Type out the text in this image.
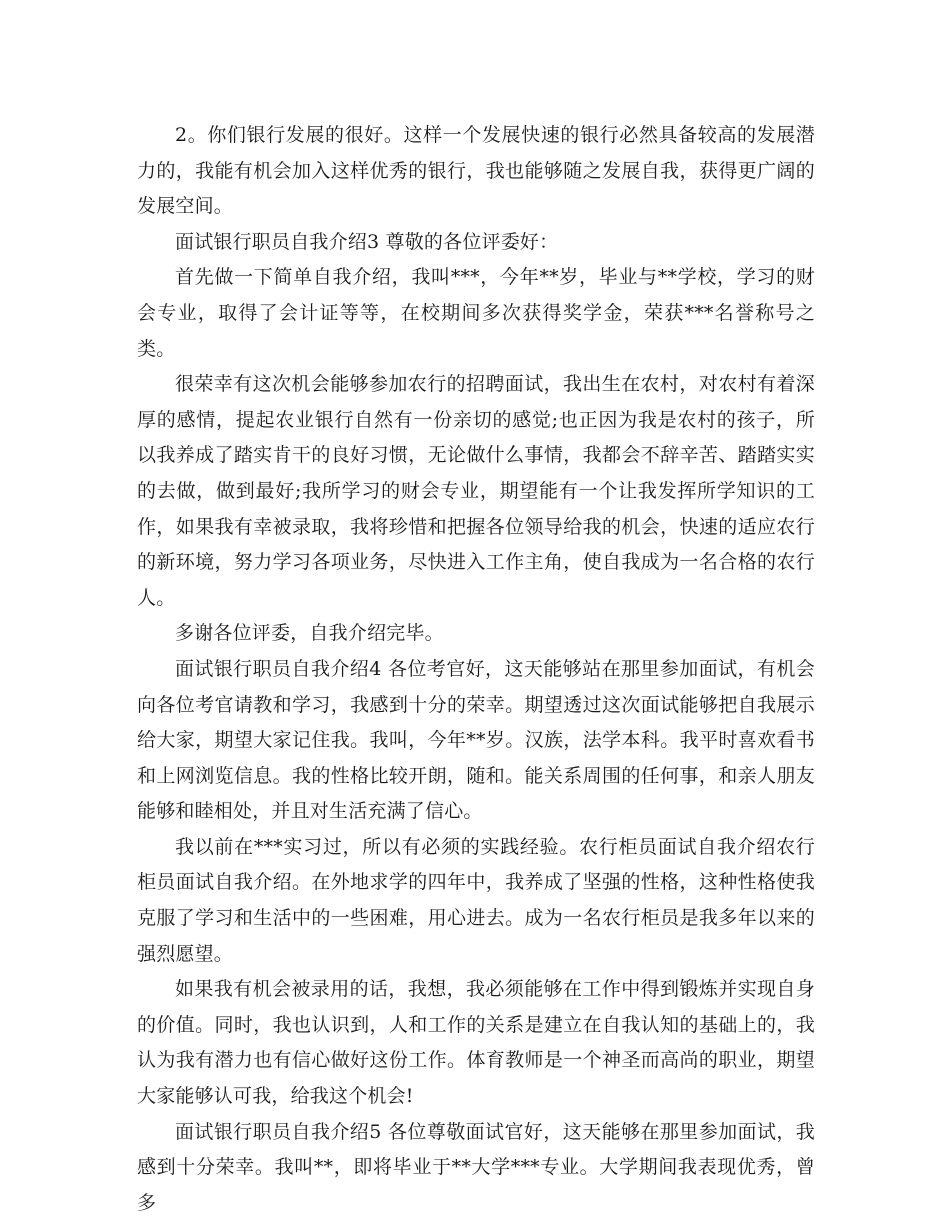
2。你们银行发展的很好。这样一个发展快速的银行必然具备较高的发展潜力的，我能有机会加入这样优秀的银行，我也能够随之发展自我，获得更广阔的发展空间。

面试银行职员自我介绍3 尊敬的各位评委好：

首先做一下简单自我介绍，我叫***，今年**岁，毕业与**学校，学习的财会专业，取得了会计证等等，在校期间多次获得奖学金，荣获***名誉称号之类。

很荣幸有这次机会能够参加农行的招聘面试，我出生在农村，对农村有着深厚的感情，提起农业银行自然有一份亲切的感觉;也正因为我是农村的孩子，所以我养成了踏实肯干的良好习惯，无论做什么事情，我都会不辞辛苦、踏踏实实的去做，做到最好;我所学习的财会专业，期望能有一个让我发挥所学知识的工作，如果我有幸被录取，我将珍惜和把握各位领导给我的机会，快速的适应农行的新环境，努力学习各项业务，尽快进入工作主角，使自我成为一名合格的农行人。

多谢各位评委，自我介绍完毕。

面试银行职员自我介绍4 各位考官好，这天能够站在那里参加面试，有机会向各位考官请教和学习，我感到十分的荣幸。期望透过这次面试能够把自我展示给大家，期望大家记住我。我叫，今年**岁。汉族，法学本科。我平时喜欢看书和上网浏览信息。我的性格比较开朗，随和。能关系周围的任何事，和亲人朋友能够和睦相处，并且对生活充满了信心。

我以前在***实习过，所以有必须的实践经验。农行柜员面试自我介绍农行柜员面试自我介绍。在外地求学的四年中，我养成了坚强的性格，这种性格使我克服了学习和生活中的一些困难，用心进去。成为一名农行柜员是我多年以来的强烈愿望。

如果我有机会被录用的话，我想，我必须能够在工作中得到锻炼并实现自身的价值。同时，我也认识到，人和工作的关系是建立在自我认知的基础上的，我认为我有潜力也有信心做好这份工作。体育教师是一个神圣而高尚的职业，期望大家能够认可我，给我这个机会!

面试银行职员自我介绍5 各位尊敬面试官好，这天能够在那里参加面试，我感到十分荣幸。我叫**，即将毕业于**大学***专业。大学期间我表现优秀，曾多
